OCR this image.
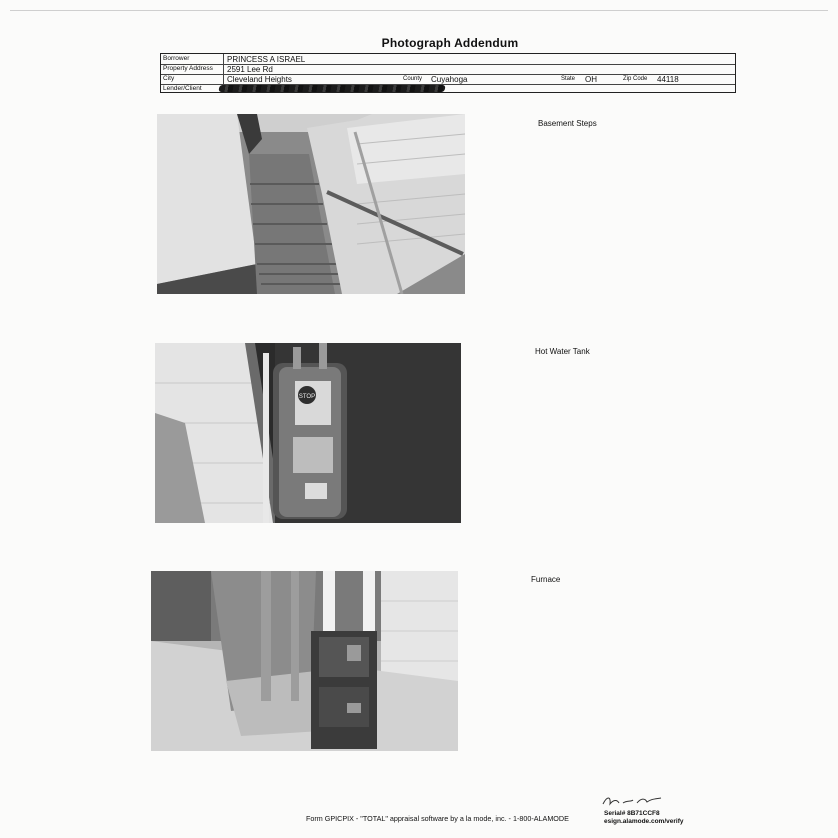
Photograph Addendum
Borrower	PRINCESS A ISRAEL
Property Address 2591 Lee Rd
City	Cleveland Heights	County Cuyahoga	State OH	Zip Code 44118
Lender/Client
Basement Steps
STOP
Hot Water Tank
Furnace
Form GPICPIX - "TOTAL" appraisal software by a la mode, inc. - 1-800-ALAMODE
Serial# 8B71CCF8
esign.alamode.com/verify
